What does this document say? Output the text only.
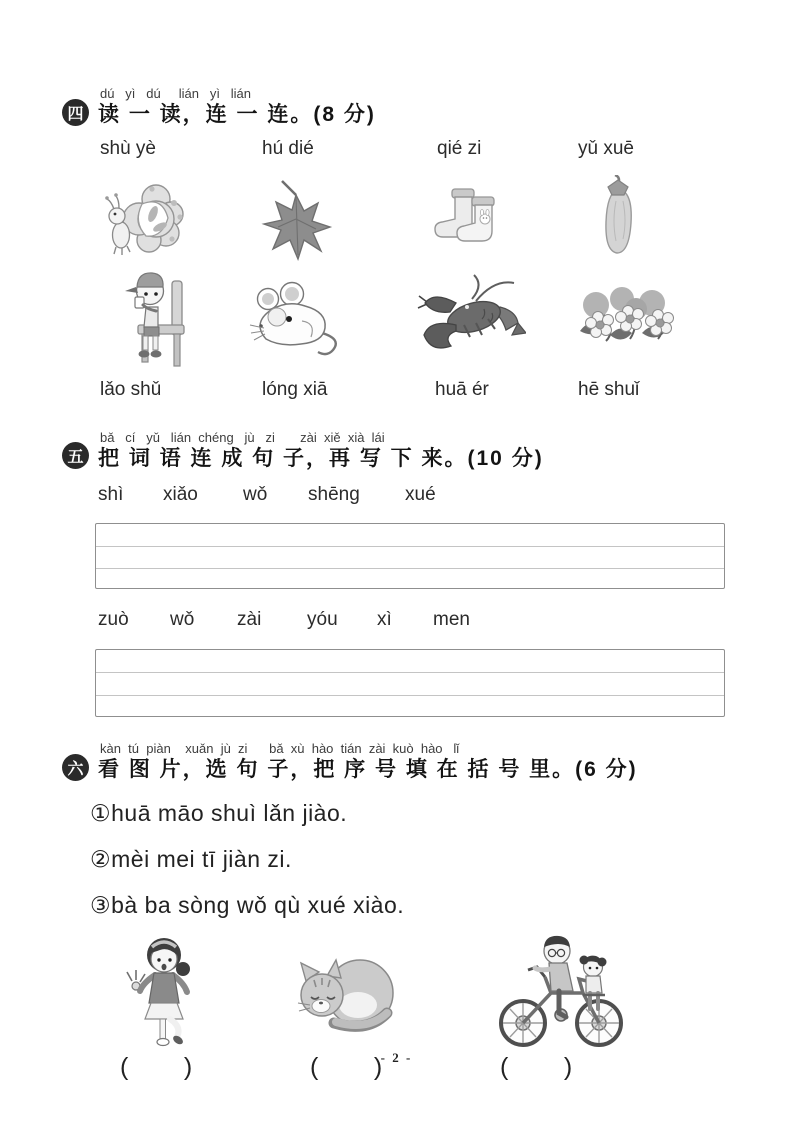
四
dú   yì   dú     lián   yì   lián
读 一 读，连 一 连。(8 分)
shù yè	hú dié	qié zi	yǔ xuē
lǎo shǔ	lóng xiā	huā ér	hē shuǐ
五
bǎ   cí   yǔ   lián  chéng   jù   zi       zài  xiě  xià  lái
把 词 语 连 成 句 子，再 写 下 来。(10 分)
shì xiǎo wǒ shēng xué
zuò wǒ zài yóu xì men
六
kàn  tú  piàn    xuǎn  jù  zi      bǎ  xù  hào  tián  zài  kuò  hào   lǐ
看 图 片，选 句 子，把 序 号 填 在 括 号 里。(6 分)
①huā māo shuì lǎn jiào.
②mèi mei tī jiàn zi.
③bà ba sòng wǒ qù xué xiào.
(        )	(        )	(        )
- 2 -
